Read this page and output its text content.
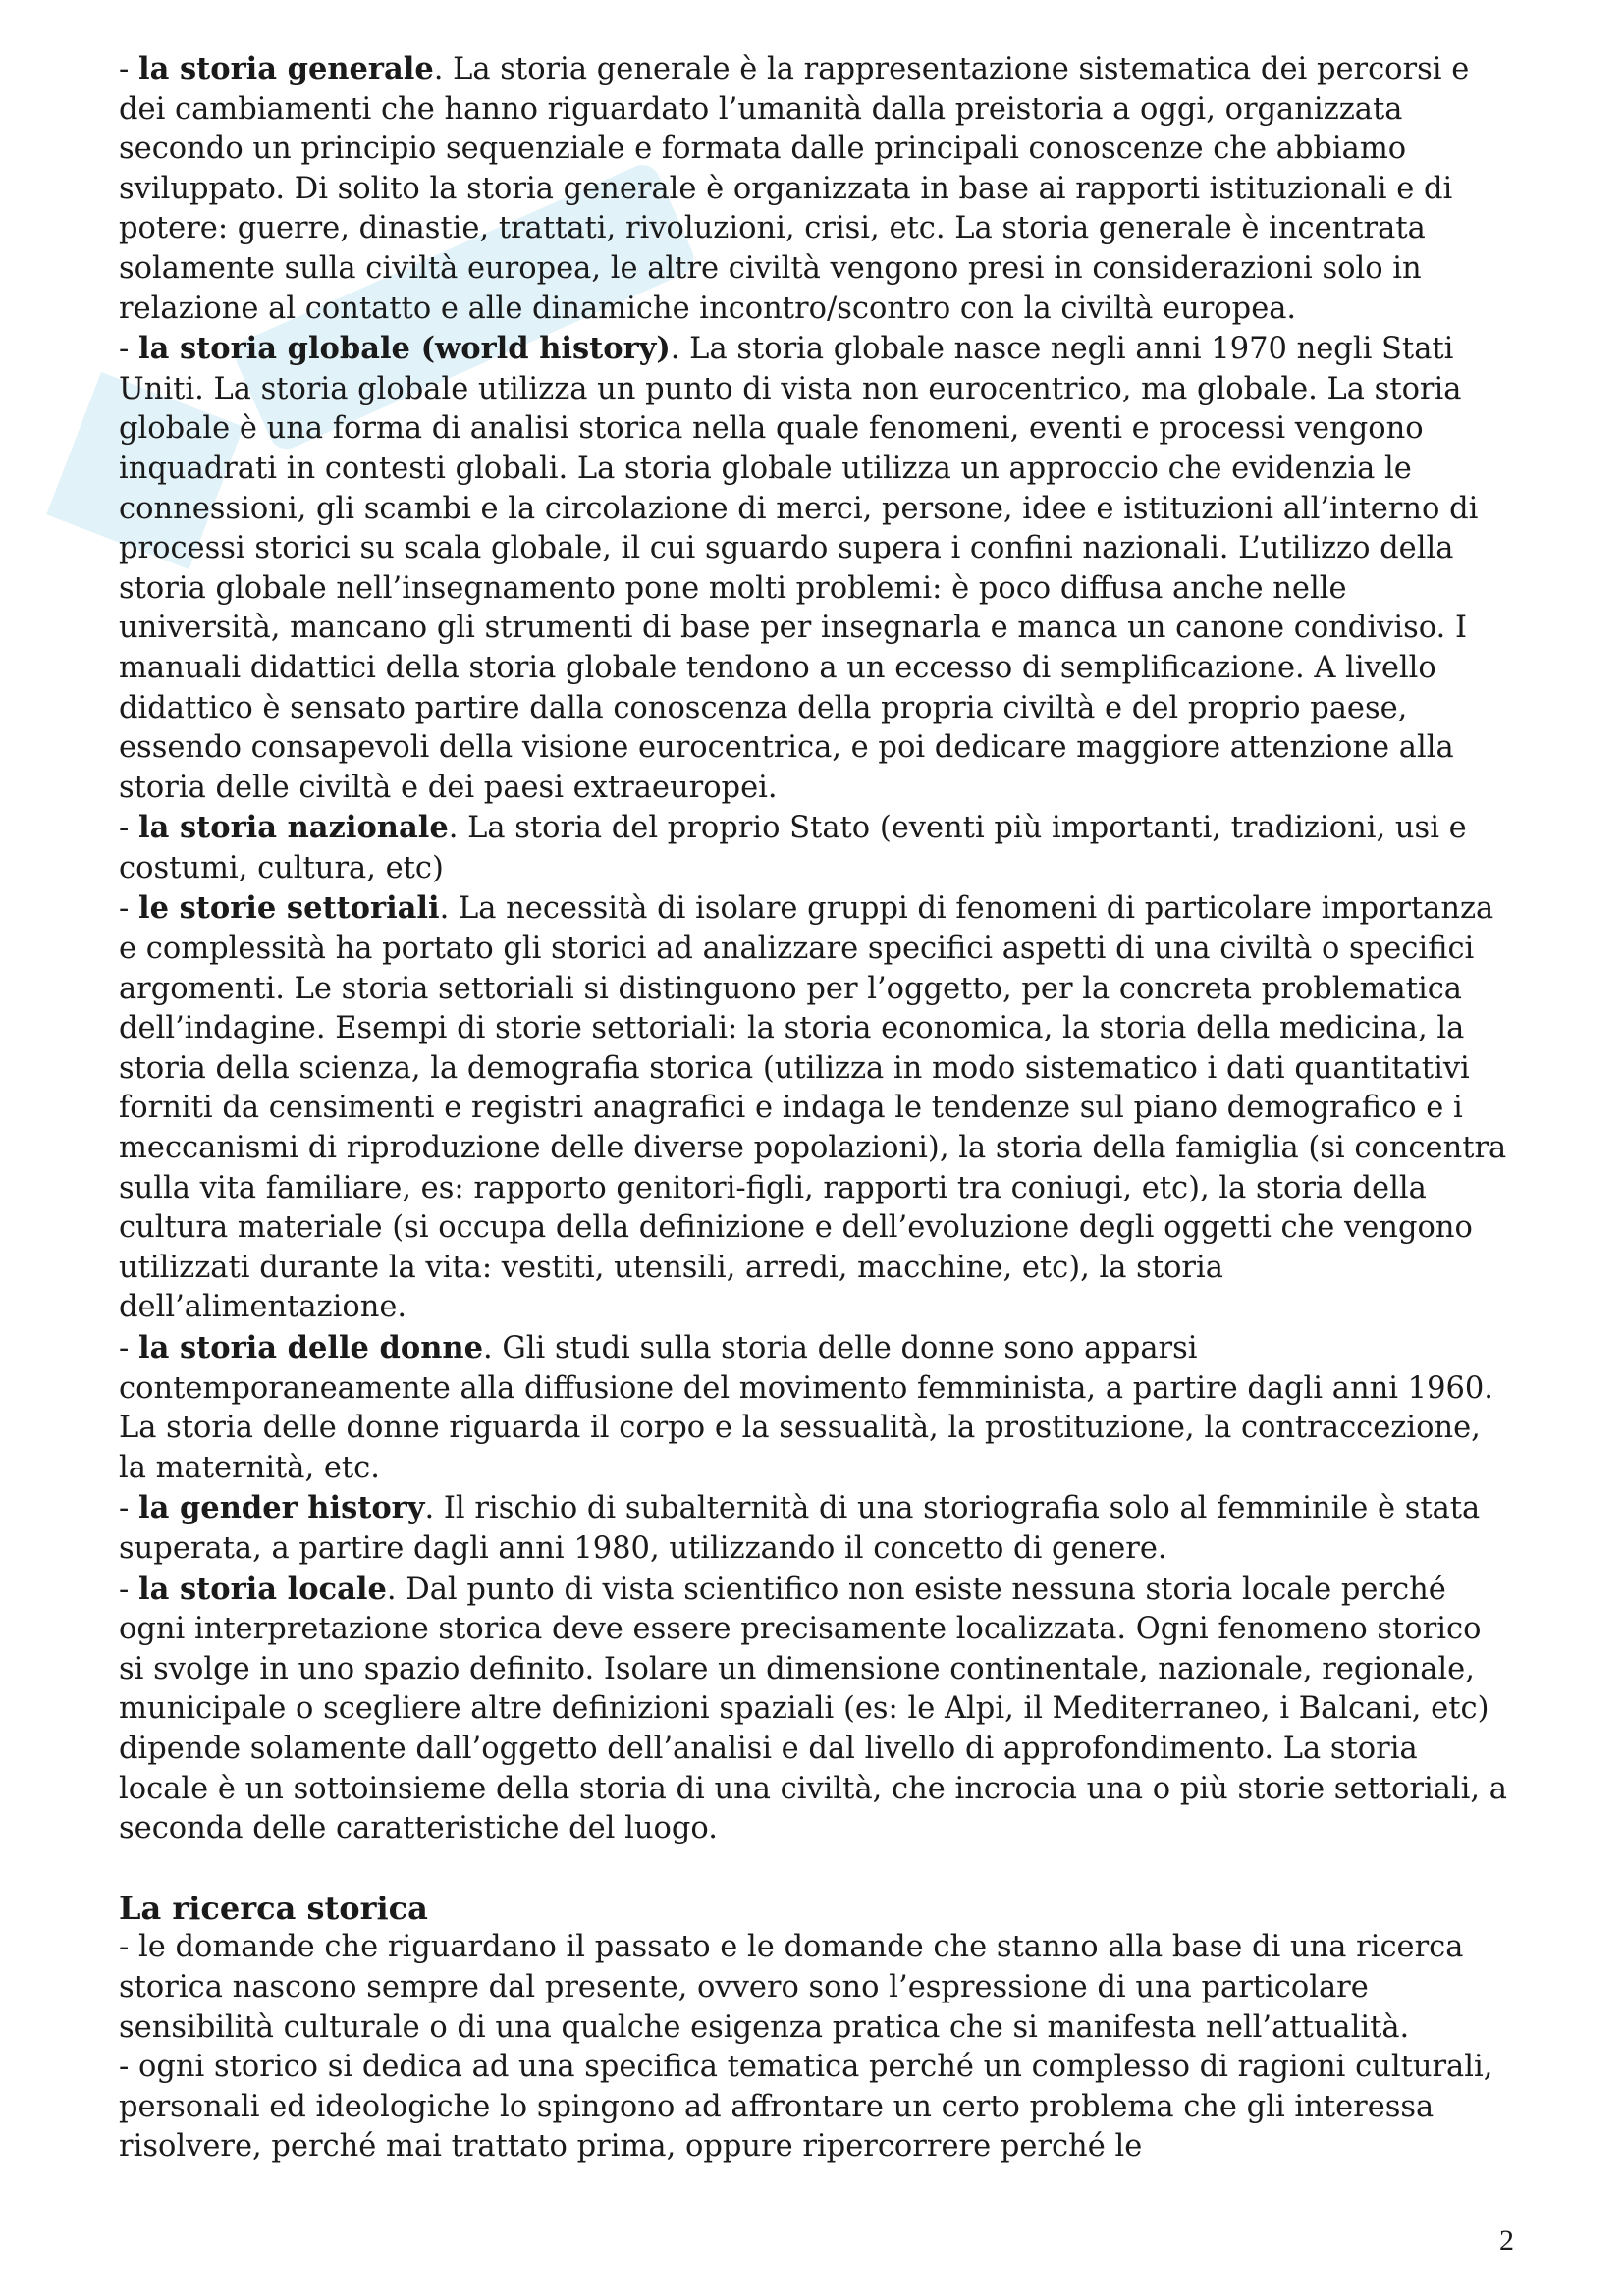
- la storia generale. La storia generale è la rappresentazione sistematica dei percorsi e dei cambiamenti che hanno riguardato l’umanità dalla preistoria a oggi, organizzata secondo un principio sequenziale e formata dalle principali conoscenze che abbiamo sviluppato. Di solito la storia generale è organizzata in base ai rapporti istituzionali e di potere: guerre, dinastie, trattati, rivoluzioni, crisi, etc. La storia generale è incentrata solamente sulla civiltà europea, le altre civiltà vengono presi in considerazioni solo in relazione al contatto e alle dinamiche incontro/scontro con la civiltà europea.

- la storia globale (world history). La storia globale nasce negli anni 1970 negli Stati Uniti. La storia globale utilizza un punto di vista non eurocentrico, ma globale. La storia globale è una forma di analisi storica nella quale fenomeni, eventi e processi vengono inquadrati in contesti globali. La storia globale utilizza un approccio che evidenzia le connessioni, gli scambi e la circolazione di merci, persone, idee e istituzioni all’interno di processi storici su scala globale, il cui sguardo supera i confini nazionali. L’utilizzo della storia globale nell’insegnamento pone molti problemi: è poco diffusa anche nelle università, mancano gli strumenti di base per insegnarla e manca un canone condiviso. I manuali didattici della storia globale tendono a un eccesso di semplificazione. A livello didattico è sensato partire dalla conoscenza della propria civiltà e del proprio paese, essendo consapevoli della visione eurocentrica, e poi dedicare maggiore attenzione alla storia delle civiltà e dei paesi extraeuropei.

- la storia nazionale. La storia del proprio Stato (eventi più importanti, tradizioni, usi e costumi, cultura, etc)

- le storie settoriali. La necessità di isolare gruppi di fenomeni di particolare importanza e complessità ha portato gli storici ad analizzare specifici aspetti di una civiltà o specifici argomenti. Le storia settoriali si distinguono per l’oggetto, per la concreta problematica dell’indagine. Esempi di storie settoriali: la storia economica, la storia della medicina, la storia della scienza, la demografia storica (utilizza in modo sistematico i dati quantitativi forniti da censimenti e registri anagrafici e indaga le tendenze sul piano demografico e i meccanismi di riproduzione delle diverse popolazioni), la storia della famiglia (si concentra sulla vita familiare, es: rapporto genitori-figli, rapporti tra coniugi, etc), la storia della cultura materiale (si occupa della definizione e dell’evoluzione degli oggetti che vengono utilizzati durante la vita: vestiti, utensili, arredi, macchine, etc), la storia dell’alimentazione.

- la storia delle donne. Gli studi sulla storia delle donne sono apparsi contemporaneamente alla diffusione del movimento femminista, a partire dagli anni 1960. La storia delle donne riguarda il corpo e la sessualità, la prostituzione, la contraccezione, la maternità, etc.

- la gender history. Il rischio di subalternità di una storiografia solo al femminile è stata superata, a partire dagli anni 1980, utilizzando il concetto di genere.

- la storia locale. Dal punto di vista scientifico non esiste nessuna storia locale perché ogni interpretazione storica deve essere precisamente localizzata. Ogni fenomeno storico si svolge in uno spazio definito. Isolare un dimensione continentale, nazionale, regionale, municipale o scegliere altre definizioni spaziali (es: le Alpi, il Mediterraneo, i Balcani, etc) dipende solamente dall’oggetto dell’analisi e dal livello di approfondimento. La storia locale è un sottoinsieme della storia di una civiltà, che incrocia una o più storie settoriali, a seconda delle caratteristiche del luogo.

La ricerca storica

- le domande che riguardano il passato e le domande che stanno alla base di una ricerca storica nascono sempre dal presente, ovvero sono l’espressione di una particolare sensibilità culturale o di una qualche esigenza pratica che si manifesta nell’attualità.

- ogni storico si dedica ad una specifica tematica perché un complesso di ragioni culturali, personali ed ideologiche lo spingono ad affrontare un certo problema che gli interessa risolvere, perché mai trattato prima, oppure ripercorrere perché le

2
